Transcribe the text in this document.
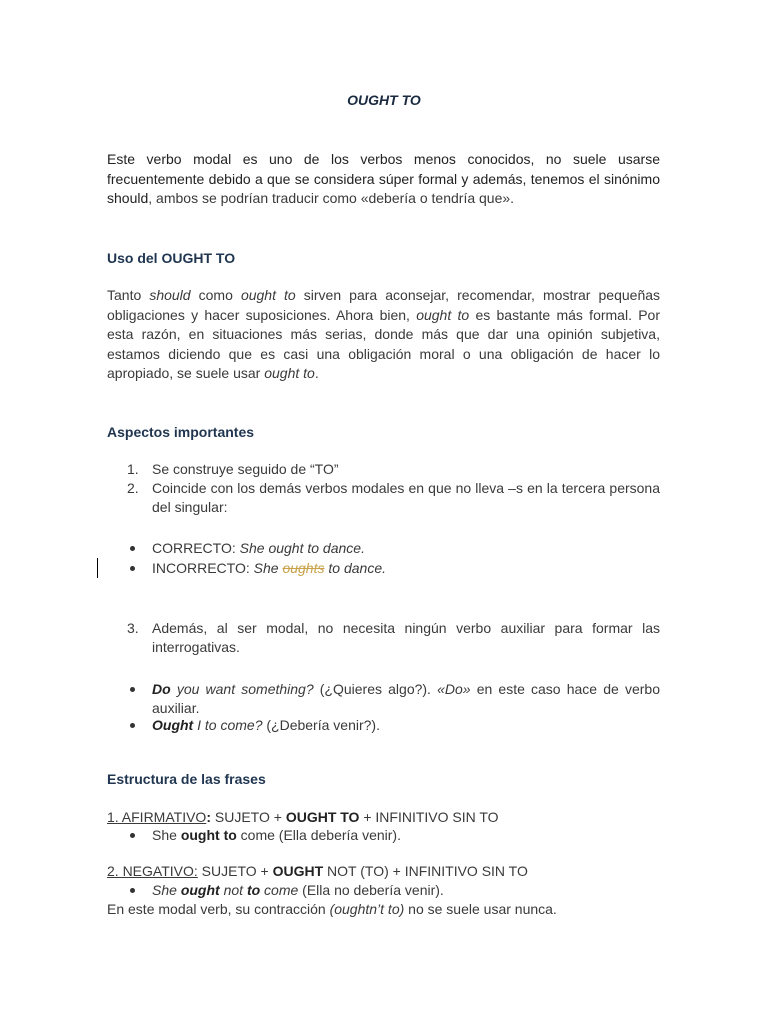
OUGHT TO
Este verbo modal es uno de los verbos menos conocidos, no suele usarse frecuentemente debido a que se considera súper formal y además, tenemos el sinónimo should, ambos se podrían traducir como «debería o tendría que».
Uso del OUGHT TO
Tanto should como ought to sirven para aconsejar, recomendar, mostrar pequeñas obligaciones y hacer suposiciones. Ahora bien, ought to es bastante más formal. Por esta razón, en situaciones más serias, donde más que dar una opinión subjetiva, estamos diciendo que es casi una obligación moral o una obligación de hacer lo apropiado, se suele usar ought to.
Aspectos importantes
1. Se construye seguido de “TO”
2. Coincide con los demás verbos modales en que no lleva –s en la tercera persona del singular:
CORRECTO: She ought to dance.
INCORRECTO: She oughts to dance.
3. Además, al ser modal, no necesita ningún verbo auxiliar para formar las interrogativas.
Do you want something? (¿Quieres algo?). «Do» en este caso hace de verbo auxiliar.
Ought I to come? (¿Debería venir?).
Estructura de las frases
1. AFIRMATIVO: SUJETO + OUGHT TO + INFINITIVO SIN TO
She ought to come (Ella debería venir).
2. NEGATIVO: SUJETO + OUGHT NOT (TO) + INFINITIVO SIN TO
She ought not to come (Ella no debería venir).
En este modal verb, su contracción (oughtn’t to) no se suele usar nunca.
